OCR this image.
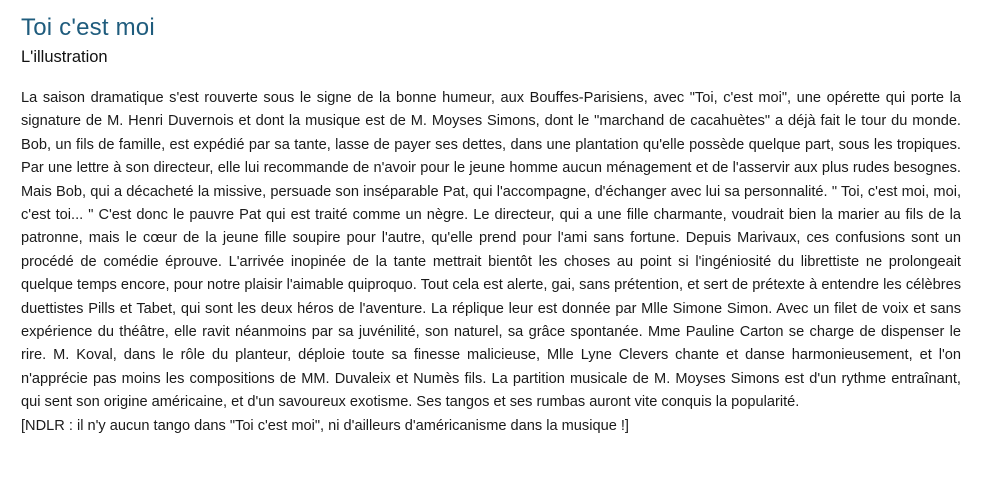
Toi c'est moi
L'illustration

La saison dramatique s'est rouverte sous le signe de la bonne humeur, aux Bouffes-Parisiens, avec "Toi, c'est moi", une opérette qui porte la signature de M. Henri Duvernois et dont la musique est de M. Moyses Simons, dont le "marchand de cacahuètes" a déjà fait le tour du monde. Bob, un fils de famille, est expédié par sa tante, lasse de payer ses dettes, dans une plantation qu'elle possède quelque part, sous les tropiques. Par une lettre à son directeur, elle lui recommande de n'avoir pour le jeune homme aucun ménagement et de l'asservir aux plus rudes besognes. Mais Bob, qui a décacheté la missive, persuade son inséparable Pat, qui l'accompagne, d'échanger avec lui sa personnalité. " Toi, c'est moi, moi, c'est toi... " C'est donc le pauvre Pat qui est traité comme un nègre. Le directeur, qui a une fille charmante, voudrait bien la marier au fils de la patronne, mais le cœur de la jeune fille soupire pour l'autre, qu'elle prend pour l'ami sans fortune. Depuis Marivaux, ces confusions sont un procédé de comédie éprouve. L'arrivée inopinée de la tante mettrait bientôt les choses au point si l'ingéniosité du librettiste ne prolongeait quelque temps encore, pour notre plaisir l'aimable quiproquo. Tout cela est alerte, gai, sans prétention, et sert de prétexte à entendre les célèbres duettistes Pills et Tabet, qui sont les deux héros de l'aventure. La réplique leur est donnée par Mlle Simone Simon. Avec un filet de voix et sans expérience du théâtre, elle ravit néanmoins par sa juvénilité, son naturel, sa grâce spontanée. Mme Pauline Carton se charge de dispenser le rire. M. Koval, dans le rôle du planteur, déploie toute sa finesse malicieuse, Mlle Lyne Clevers chante et danse harmonieusement, et l'on n'apprécie pas moins les compositions de MM. Duvaleix et Numès fils. La partition musicale de M. Moyses Simons est d'un rythme entraînant, qui sent son origine américaine, et d'un savoureux exotisme. Ses tangos et ses rumbas auront vite conquis la popularité.

[NDLR : il n'y aucun tango dans "Toi c'est moi", ni d'ailleurs d'américanisme dans la musique !]
